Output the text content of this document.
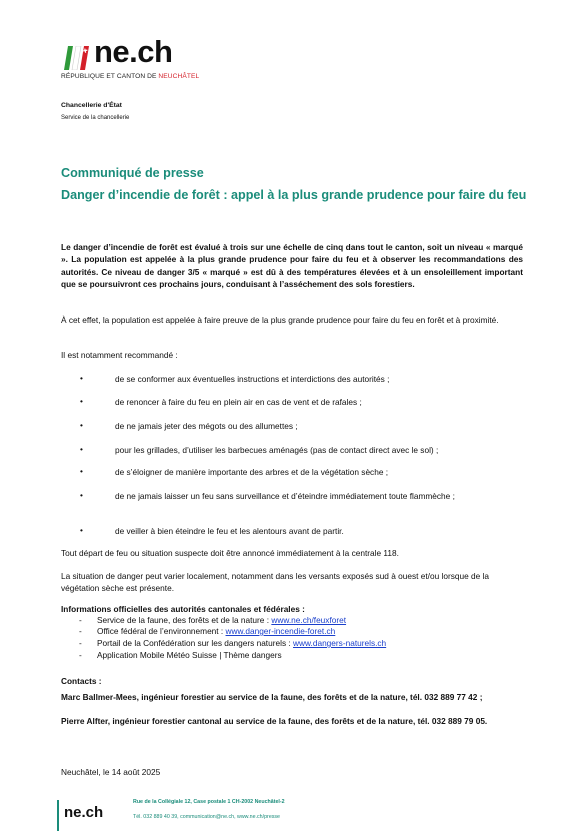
ne.ch
RÉPUBLIQUE ET CANTON DE NEUCHÂTEL
Chancellerie d'État
Service de la chancellerie
Communiqué de presse
Danger d’incendie de forêt : appel à la plus grande prudence pour faire du feu
Le danger d’incendie de forêt est évalué à trois sur une échelle de cinq dans tout le canton, soit un niveau « marqué ». La population est appelée à la plus grande prudence pour faire du feu et à observer les recommandations des autorités. Ce niveau de danger 3/5 « marqué » est dû à des températures élevées et à un ensoleillement important que se poursuivront ces prochains jours, conduisant à l’asséchement des sols forestiers.
À cet effet, la population est appelée à faire preuve de la plus grande prudence pour faire du feu en forêt et à proximité.
Il est notamment recommandé :
•	de se conformer aux éventuelles instructions et interdictions des autorités ;
•	de renoncer à faire du feu en plein air en cas de vent et de rafales ;
•	de ne jamais jeter des mégots ou des allumettes ;
•	pour les grillades, d’utiliser les barbecues aménagés (pas de contact direct avec le sol) ;
•	de s’éloigner de manière importante des arbres et de la végétation sèche ;
•	de ne jamais laisser un feu sans surveillance et d’éteindre immédiatement toute flammèche ;
•	de veiller à bien éteindre le feu et les alentours avant de partir.
Tout départ de feu ou situation suspecte doit être annoncé immédiatement à la centrale 118.
La situation de danger peut varier localement, notamment dans les versants exposés sud à ouest et/ou lorsque de la végétation sèche est présente.
Informations officielles des autorités cantonales et fédérales :
- Service de la faune, des forêts et de la nature : www.ne.ch/feuxforet
- Office fédéral de l’environnement : www.danger-incendie-foret.ch
- Portail de la Confédération sur les dangers naturels : www.dangers-naturels.ch
- Application Mobile Météo Suisse | Thème dangers
Contacts :
Marc Ballmer-Mees, ingénieur forestier au service de la faune, des forêts et de la nature, tél. 032 889 77 42 ;
Pierre Alfter, ingénieur forestier cantonal au service de la faune, des forêts et de la nature, tél. 032 889 79 05.
Neuchâtel, le 14 août 2025
ne.ch
Rue de la Collégiale 12, Case postale 1 CH-2002 Neuchâtel-2
Tél. 032 889 40 39, communication@ne.ch, www.ne.ch/presse
